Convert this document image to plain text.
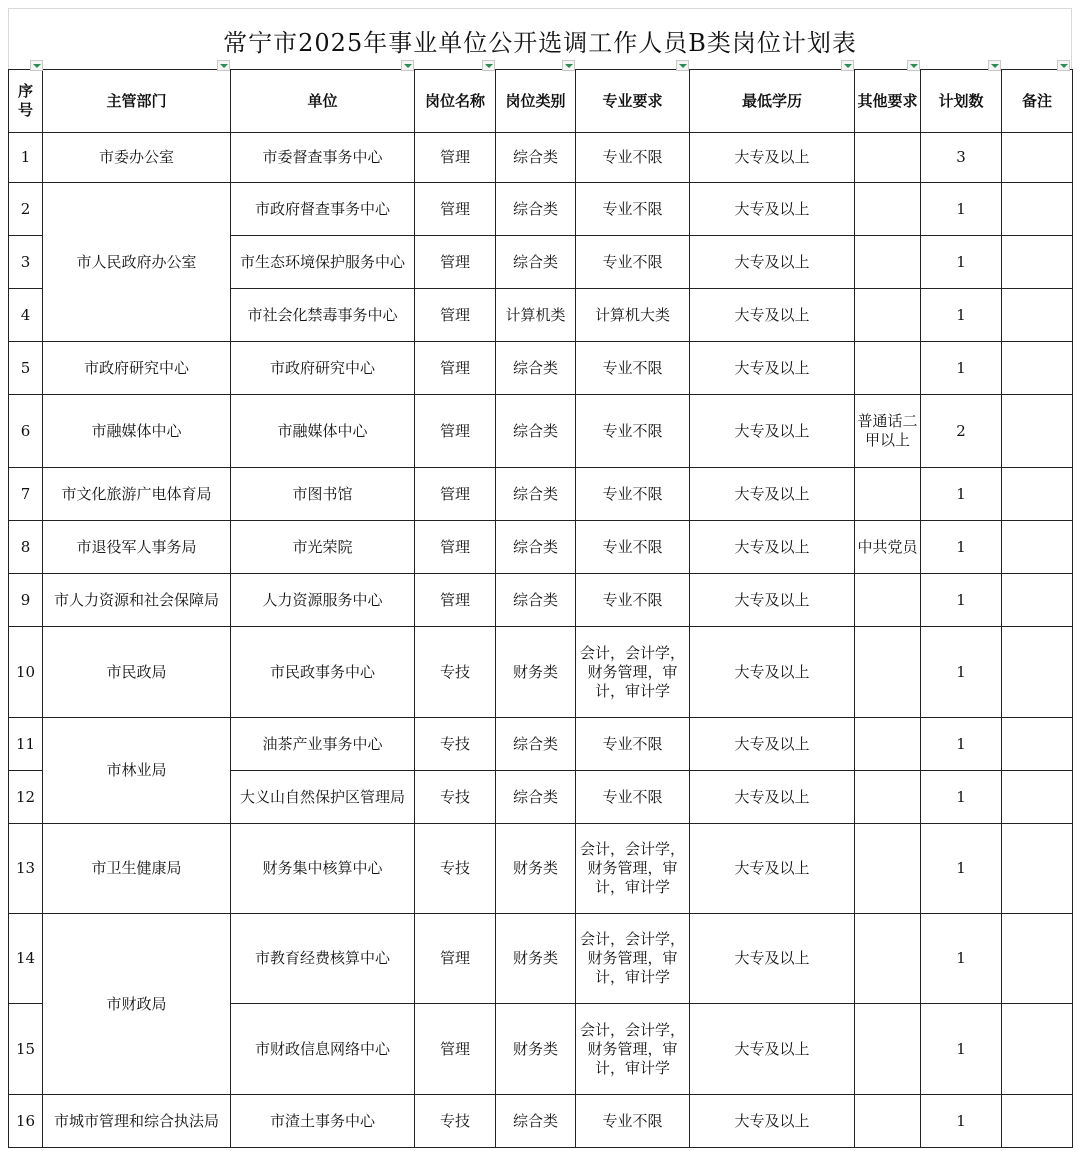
常宁市2025年事业单位公开选调工作人员B类岗位计划表
序号	主管部门	单位	岗位名称	岗位类别	专业要求	最低学历	其他要求	计划数	备注
1	市委办公室	市委督查事务中心	管理	综合类	专业不限	大专及以上		3	
2	市人民政府办公室	市政府督查事务中心	管理	综合类	专业不限	大专及以上		1	
3		市生态环境保护服务中心	管理	综合类	专业不限	大专及以上		1	
4		市社会化禁毒事务中心	管理	计算机类	计算机大类	大专及以上		1	
5	市政府研究中心	市政府研究中心	管理	综合类	专业不限	大专及以上		1	
6	市融媒体中心	市融媒体中心	管理	综合类	专业不限	大专及以上	普通话二甲以上	2	
7	市文化旅游广电体育局	市图书馆	管理	综合类	专业不限	大专及以上		1	
8	市退役军人事务局	市光荣院	管理	综合类	专业不限	大专及以上	中共党员	1	
9	市人力资源和社会保障局	人力资源服务中心	管理	综合类	专业不限	大专及以上		1	
10	市民政局	市民政事务中心	专技	财务类	会计，会计学，财务管理，审计，审计学	大专及以上		1	
11	市林业局	油茶产业事务中心	专技	综合类	专业不限	大专及以上		1	
12		大义山自然保护区管理局	专技	综合类	专业不限	大专及以上		1	
13	市卫生健康局	财务集中核算中心	专技	财务类	会计，会计学，财务管理，审计，审计学	大专及以上		1	
14	市财政局	市教育经费核算中心	管理	财务类	会计，会计学，财务管理，审计，审计学	大专及以上		1	
15		市财政信息网络中心	管理	财务类	会计，会计学，财务管理，审计，审计学	大专及以上		1	
16	市城市管理和综合执法局	市渣土事务中心	专技	综合类	专业不限	大专及以上		1	
